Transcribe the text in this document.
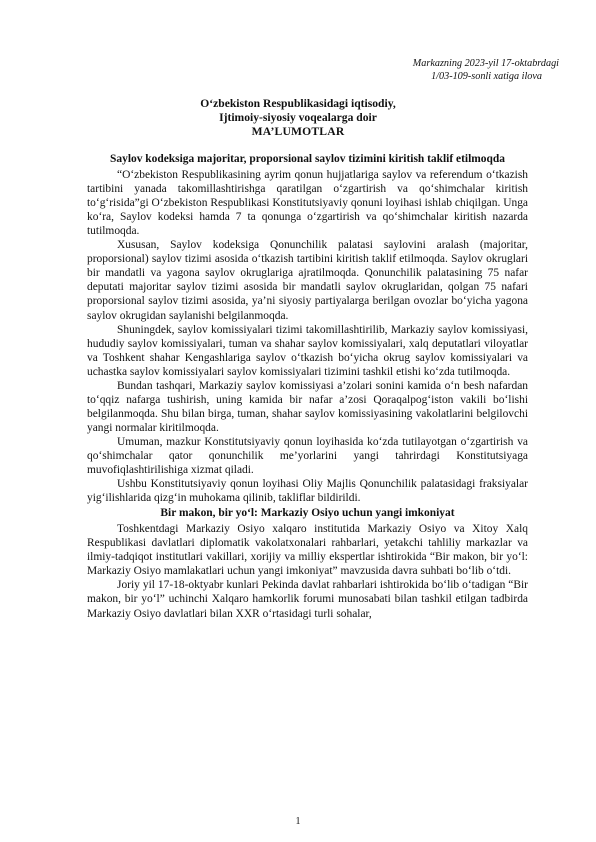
Markazning 2023-yil 17-oktabrdagi

1/03-109-sonli xatiga ilova
O‘zbekiston Respublikasidagi iqtisodiy,
Ijtimoiy-siyosiy voqealarga doir
MA’LUMOTLAR

Saylov kodeksiga majoritar, proporsional saylov tizimini kiritish taklif etilmoqda

“O‘zbekiston Respublikasining ayrim qonun hujjatlariga saylov va referendum o‘tkazish tartibini yanada takomillashtirishga qaratilgan o‘zgartirish va qo‘shimchalar kiritish to‘g‘risida”gi O‘zbekiston Respublikasi Konstitutsiyaviy qonuni loyihasi ishlab chiqilgan. Unga ko‘ra, Saylov kodeksi hamda 7 ta qonunga o‘zgartirish va qo‘shimchalar kiritish nazarda tutilmoqda.

Xususan, Saylov kodeksiga Qonunchilik palatasi saylovini aralash (majoritar, proporsional) saylov tizimi asosida o‘tkazish tartibini kiritish taklif etilmoqda. Saylov okruglari bir mandatli va yagona saylov okruglariga ajratilmoqda. Qonunchilik palatasining 75 nafar deputati majoritar saylov tizimi asosida bir mandatli saylov okruglaridan, qolgan 75 nafari proporsional saylov tizimi asosida, ya’ni siyosiy partiyalarga berilgan ovozlar bo‘yicha yagona saylov okrugidan saylanishi belgilanmoqda.

Shuningdek, saylov komissiyalari tizimi takomillashtirilib, Markaziy saylov komissiyasi, hududiy saylov komissiyalari, tuman va shahar saylov komissiyalari, xalq deputatlari viloyatlar va Toshkent shahar Kengashlariga saylov o‘tkazish bo‘yicha okrug saylov komissiyalari va uchastka saylov komissiyalari saylov komissiyalari tizimini tashkil etishi ko‘zda tutilmoqda.

Bundan tashqari, Markaziy saylov komissiyasi a’zolari sonini kamida o‘n besh nafardan to‘qqiz nafarga tushirish, uning kamida bir nafar a’zosi Qoraqalpog‘iston vakili bo‘lishi belgilanmoqda. Shu bilan birga, tuman, shahar saylov komissiyasining vakolatlarini belgilovchi yangi normalar kiritilmoqda.

Umuman, mazkur Konstitutsiyaviy qonun loyihasida ko‘zda tutilayotgan o‘zgartirish va qo‘shimchalar qator qonunchilik me’yorlarini yangi tahrirdagi Konstitutsiyaga muvofiqlashtirilishiga xizmat qiladi.

Ushbu Konstitutsiyaviy qonun loyihasi Oliy Majlis Qonunchilik palatasidagi fraksiyalar yig‘ilishlarida qizg‘in muhokama qilinib, takliflar bildirildi.

Bir makon, bir yo‘l: Markaziy Osiyo uchun yangi imkoniyat

Toshkentdagi Markaziy Osiyo xalqaro institutida Markaziy Osiyo va Xitoy Xalq Respublikasi davlatlari diplomatik vakolatxonalari rahbarlari, yetakchi tahliliy markazlar va ilmiy-tadqiqot institutlari vakillari, xorijiy va milliy ekspertlar ishtirokida “Bir makon, bir yo‘l: Markaziy Osiyo mamlakatlari uchun yangi imkoniyat” mavzusida davra suhbati bo‘lib o‘tdi.

Joriy yil 17-18-oktyabr kunlari Pekinda davlat rahbarlari ishtirokida bo‘lib o‘tadigan “Bir makon, bir yo‘l” uchinchi Xalqaro hamkorlik forumi munosabati bilan tashkil etilgan tadbirda Markaziy Osiyo davlatlari bilan XXR o‘rtasidagi turli sohalar,

1
